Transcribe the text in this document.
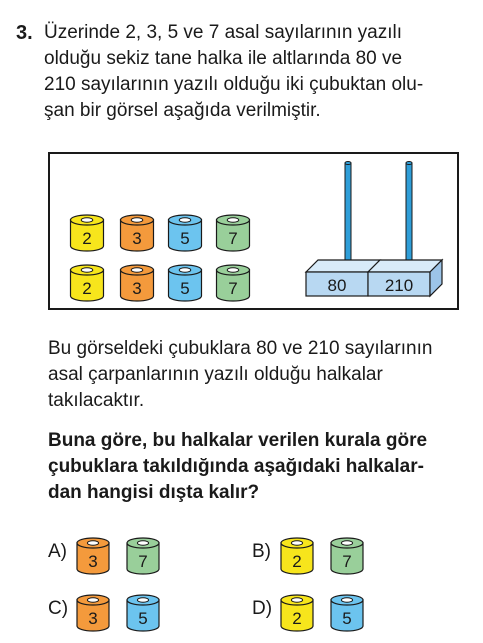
3. Üzerinde 2, 3, 5 ve 7 asal sayılarının yazılı
olduğu sekiz tane halka ile altlarında 80 ve
210 sayılarının yazılı olduğu iki çubuktan olu-
şan bir görsel aşağıda verilmiştir.
2 3 5 7
2 3 5 7	80 210
Bu görseldeki çubuklara 80 ve 210 sayılarının
asal çarpanlarının yazılı olduğu halkalar
takılacaktır.
Buna göre, bu halkalar verilen kurala göre
çubuklara takıldığında aşağıdaki halkalar-
dan hangisi dışta kalır?
A) 3 7	B) 2 7
C) 3 5	D) 2 5
